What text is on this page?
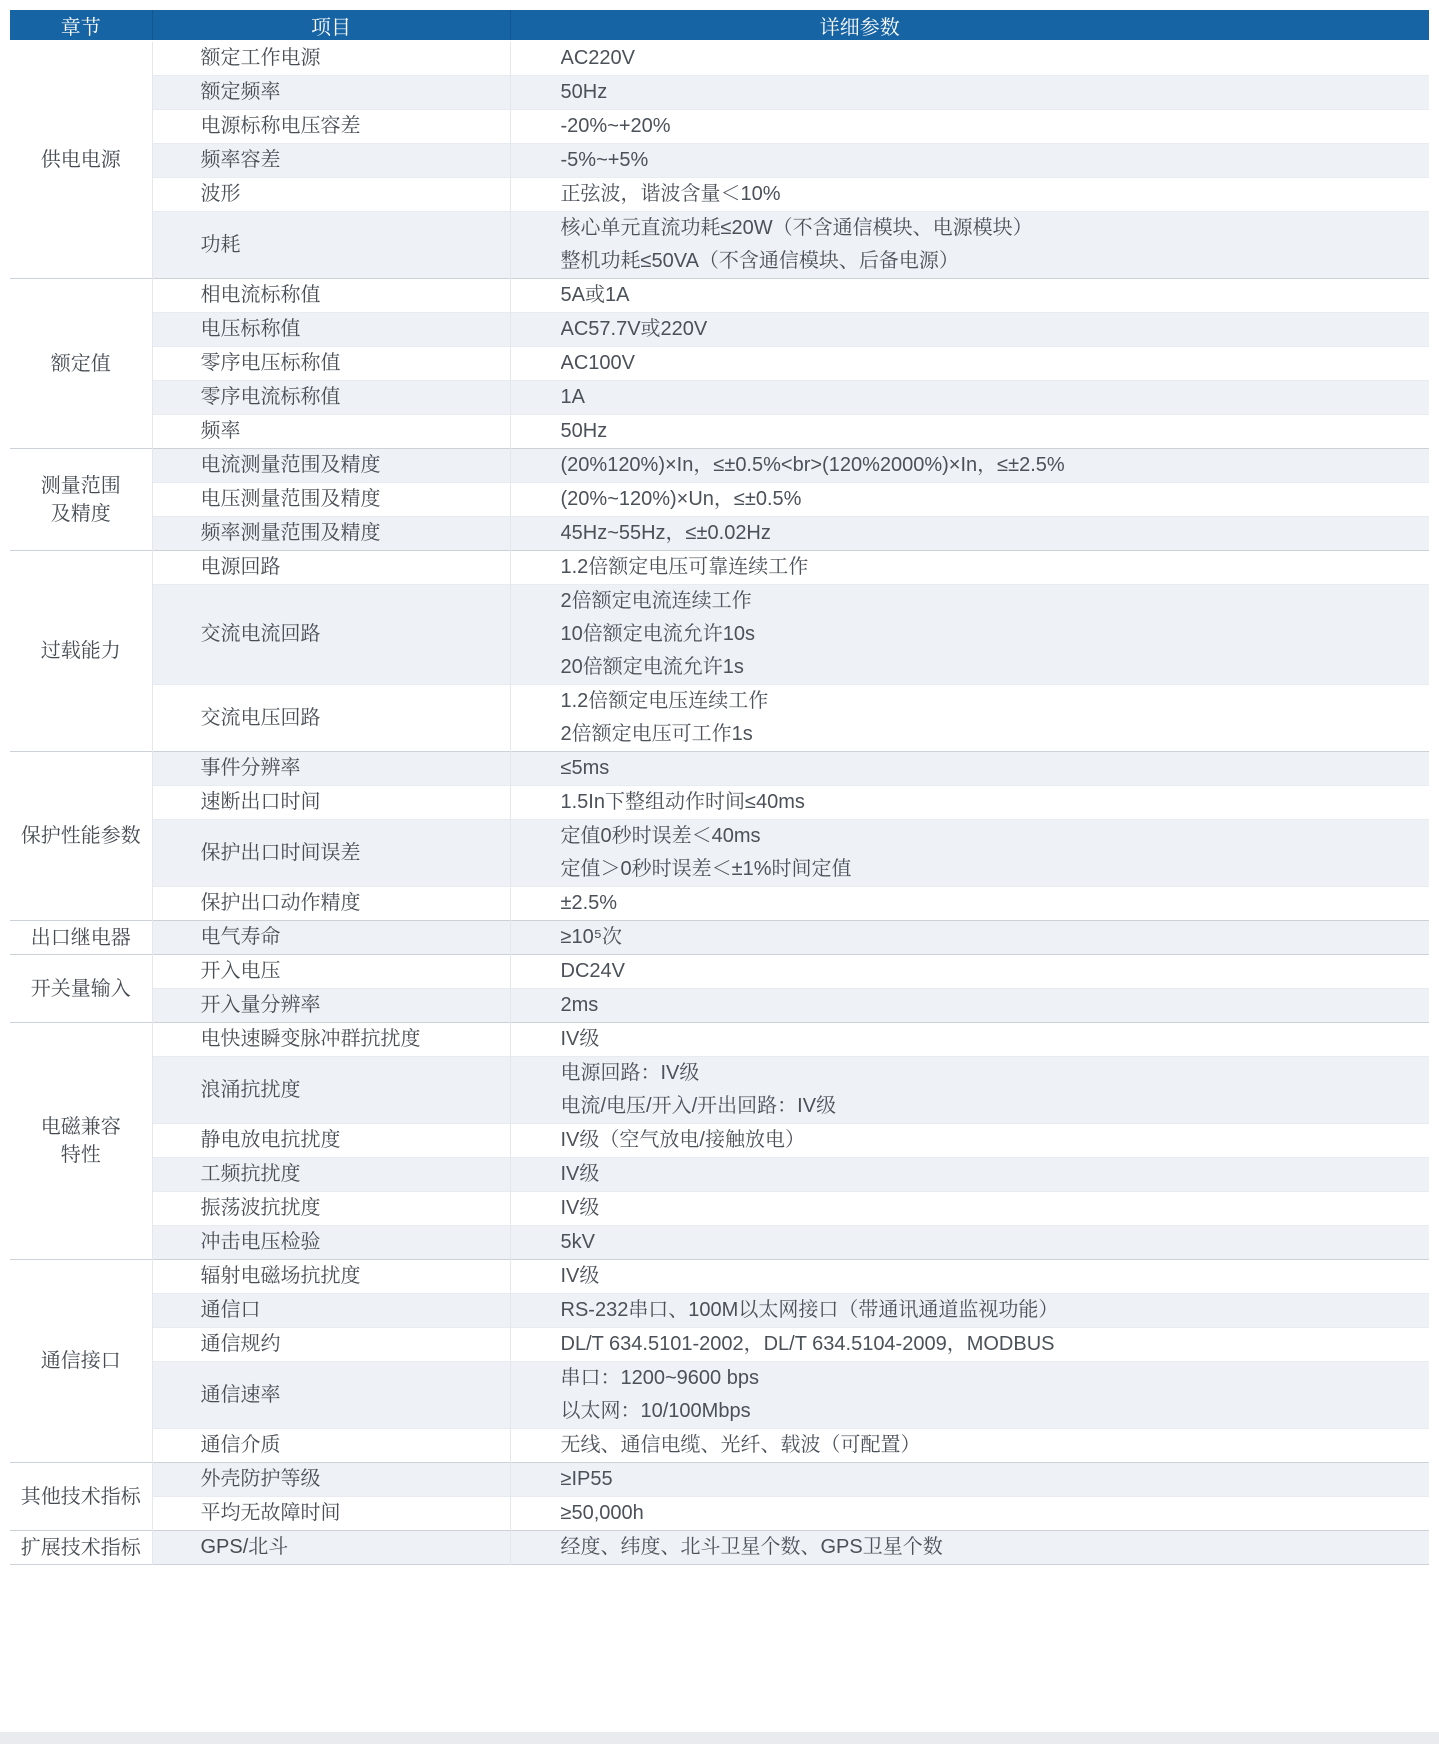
章节	项目	详细参数

供电电源	额定工作电源	AC220V

	额定频率	50Hz

	电源标称电压容差	-20%~+20%

	频率容差	-5%~+5%

	波形	正弦波，谐波含量＜10%

	功耗	核心单元直流功耗≤20W（不含通信模块、电源模块）
整机功耗≤50VA（不含通信模块、后备电源）

额定值	相电流标称值	5A或1A

	电压标称值	AC57.7V或220V

	零序电压标称值	AC100V

	零序电流标称值	1A

	频率	50Hz

测量范围
及精度	电流测量范围及精度	(20%120%)×In，≤±0.5%<br>(120%2000%)×In，≤±2.5%

	电压测量范围及精度	(20%~120%)×Un，≤±0.5%

	频率测量范围及精度	45Hz~55Hz，≤±0.02Hz

过载能力	电源回路	1.2倍额定电压可靠连续工作

	交流电流回路	2倍额定电流连续工作
10倍额定电流允许10s
20倍额定电流允许1s

	交流电压回路	1.2倍额定电压连续工作
2倍额定电压可工作1s

保护性能参数	事件分辨率	≤5ms

	速断出口时间	1.5In下整组动作时间≤40ms

	保护出口时间误差	定值0秒时误差＜40ms
定值＞0秒时误差＜±1%时间定值

	保护出口动作精度	±2.5%

出口继电器	电气寿命	≥10⁵次

开关量输入	开入电压	DC24V

	开入量分辨率	2ms

电磁兼容
特性	电快速瞬变脉冲群抗扰度	IV级

	浪涌抗扰度	电源回路：IV级
电流/电压/开入/开出回路：IV级

	静电放电抗扰度	IV级（空气放电/接触放电）

	工频抗扰度	IV级

	振荡波抗扰度	IV级

	冲击电压检验	5kV

通信接口	辐射电磁场抗扰度	IV级

	通信口	RS-232串口、100M以太网接口（带通讯通道监视功能）

	通信规约	DL/T 634.5101-2002，DL/T 634.5104-2009，MODBUS

	通信速率	串口：1200~9600 bps
以太网：10/100Mbps

	通信介质	无线、通信电缆、光纤、载波（可配置）

其他技术指标	外壳防护等级	≥IP55

	平均无故障时间	≥50,000h

扩展技术指标	GPS/北斗	经度、纬度、北斗卫星个数、GPS卫星个数
